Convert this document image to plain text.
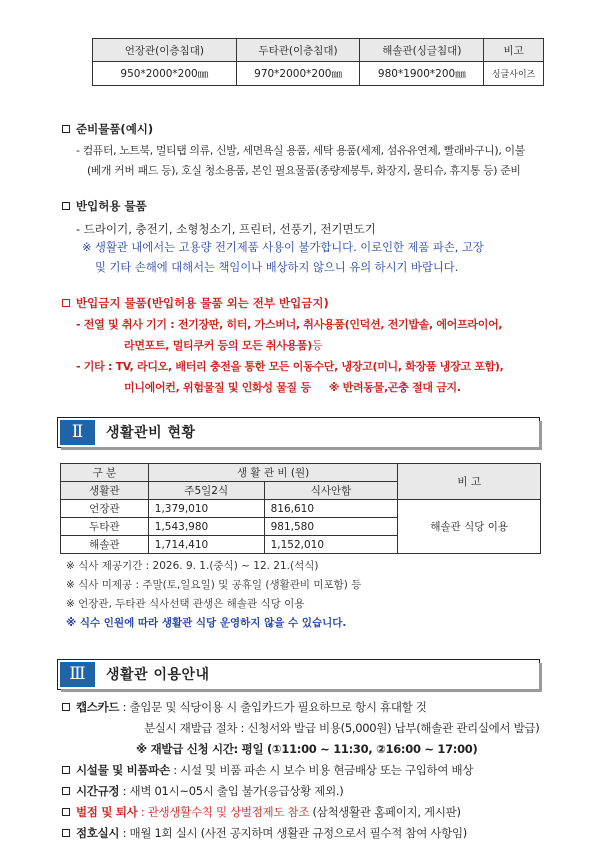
언장관(이층침대)	두타관(이층침대)	해솔관(싱글침대)	비고
950*2000*200㎜	970*2000*200㎜	980*1900*200㎜	싱글사이즈
준비물품(예시)
- 컴퓨터, 노트북, 멀티탭 의류, 신발, 세면욕실 용품, 세탁 용품(세제, 섬유유연제, 빨래바구니), 이불
(베개 커버 패드 등), 호실 청소용품, 본인 필요물품(종량제봉투, 화장지, 물티슈, 휴지통 등) 준비
반입허용 물품
- 드라이기, 충전기, 소형청소기, 프린터, 선풍기, 전기면도기
※ 생활관 내에서는 고용량 전기제품 사용이 불가합니다. 이로인한 제품 파손, 고장
및 기타 손해에 대해서는 책임이나 배상하지 않으니 유의 하시기 바랍니다.
반입금지 물품(반입허용 물품 외는 전부 반입금지)
- 전열 및 취사 기기 : 전기장판, 히터, 가스버너, 취사용품(인덕션, 전기밥솥, 에어프라이어,
라면포트, 멀티쿠커 등의 모든 취사용품)등
- 기타 : TV, 라디오, 배터리 충전을 통한 모든 이동수단, 냉장고(미니, 화장품 냉장고 포함),
미니에어컨, 위험물질 및 인화성 물질 등 ※ 반려동물,곤충 절대 금지.
Ⅱ	생활관비 현황
구 분	생 활 관 비 (원)		비 고
생활관	주5일2식	식사안함	
언장관	1,379,010	816,610	해솔관 식당 이용
두타관	1,543,980	981,580	
해솔관	1,714,410	1,152,010	
※ 식사 제공기간 : 2026. 9. 1.(중식) ~ 12. 21.(석식)
※ 식사 미제공 : 주말(토,일요일) 및 공휴일 (생활관비 미포함) 등
※ 언장관, 두타관 식사선택 관생은 해솔관 식당 이용
※ 식수 인원에 따라 생활관 식당 운영하지 않을 수 있습니다.
Ⅲ	생활관 이용안내
캡스카드 : 출입문 및 식당이용 시 출입카드가 필요하므로 항시 휴대할 것
분실시 재발급 절차 : 신청서와 발급 비용(5,000원) 납부(해솔관 관리실에서 발급)
※ 재발급 신청 시간: 평일 (①11:00 ~ 11:30, ②16:00 ~ 17:00)
시설물 및 비품파손 : 시설 및 비품 파손 시 보수 비용 현금배상 또는 구입하여 배상
시간규정 : 새벽 01시~05시 출입 불가(응급상황 제외.)
벌점 및 퇴사 : 관생생활수칙 및 상벌점제도 참조 (삼척생활관 홈페이지, 게시판)
점호실시 : 매월 1회 실시 (사전 공지하며 생활관 규정으로서 필수적 참여 사항임)
